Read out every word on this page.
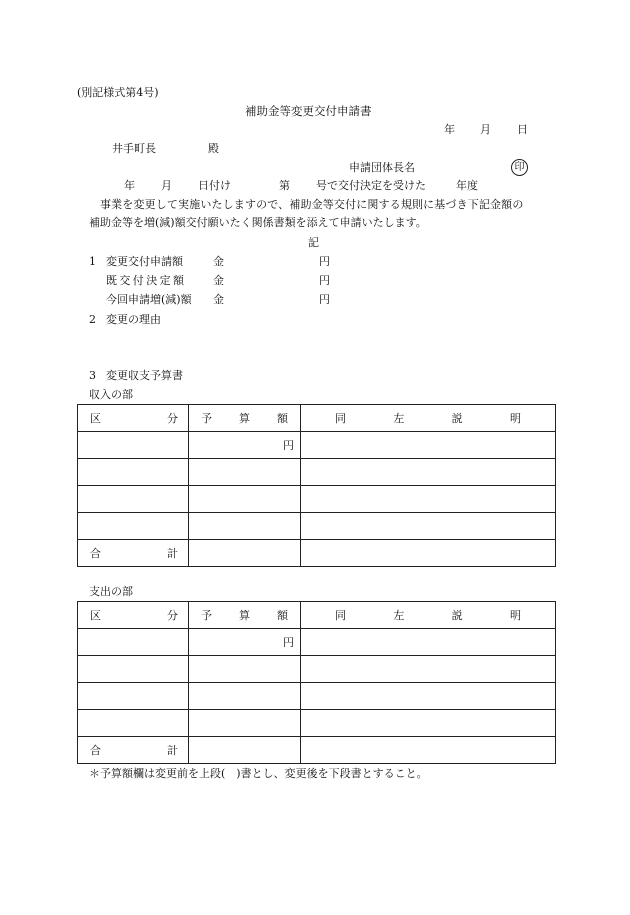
(別記様式第4号)
補助金等変更交付申請書
年 月 日
井手町長	殿
申請団体長名	印
年 月 日付け	第 号で交付決定を受けた	年度
事業を変更して実施いたしますので、補助金等交付に関する規則に基づき下記金額の
補助金等を増(減)額交付願いたく関係書類を添えて申請いたします。
記
1 変更交付申請額	金	円
既交付決定額 金	円
今回申請増(減)額 金	円
2 変更の理由
3 変更収支予算書
収入の部
区 分	予 算 額	同 左 説 明

	円	

合 計		

支出の部
区 分	予 算 額	同 左 説 明

	円	

合 計		

＊予算額欄は変更前を上段(　)書とし、変更後を下段書とすること。
